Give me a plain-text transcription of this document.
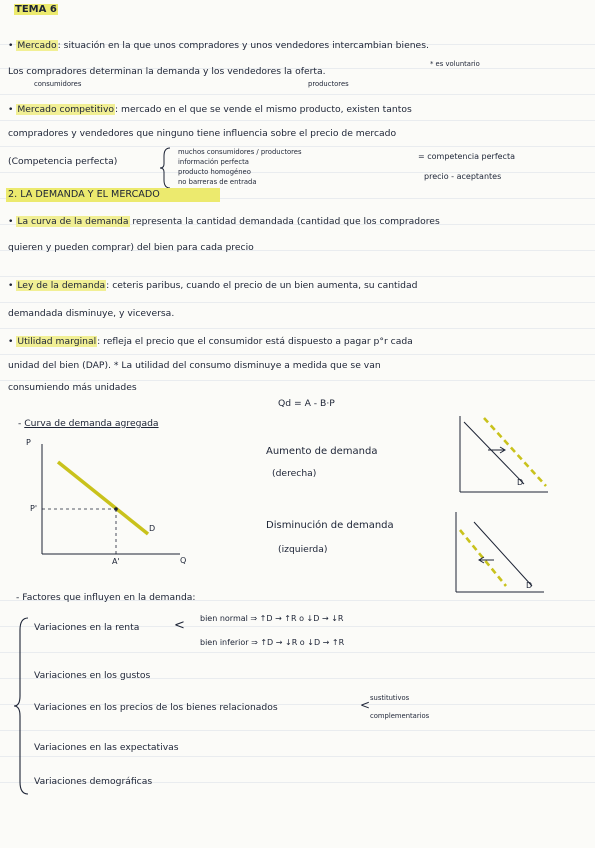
TEMA 6
• Mercado: situación en la que unos compradores y unos vendedores intercambian bienes.
Los compradores determinan la demanda y los vendedores la oferta.
* es voluntario
consumidores	productores
• Mercado competitivo: mercado en el que se vende el mismo producto, existen tantos
compradores y vendedores que ninguno tiene influencia sobre el precio de mercado
(Competencia perfecta)
muchos consumidores / productores
información perfecta
producto homogéneo
no barreras de entrada
= competencia perfecta
precio - aceptantes
2. LA DEMANDA Y EL MERCADO
• La curva de la demanda representa la cantidad demandada (cantidad que los compradores
quieren y pueden comprar) del bien para cada precio
• Ley de la demanda: ceteris paribus, cuando el precio de un bien aumenta, su cantidad
demandada disminuye, y viceversa.
• Utilidad marginal: refleja el precio que el consumidor está dispuesto a pagar p°r cada
unidad del bien (DAP). * La utilidad del consumo disminuye a medida que se van
consumiendo más unidades
- Curva de demanda agregada
Qd = A - B·P
P
P'
A'	Q
D
Aumento de demanda
(derecha)
D
Disminución de demanda
(izquierda)
D
- Factores que influyen en la demanda:
Variaciones en la renta	< bien normal ⇒ ↑D → ↑R o ↓D → ↓R
bien inferior ⇒ ↑D → ↓R o ↓D → ↑R
Variaciones en los gustos
Variaciones en los precios de los bienes relacionados	< sustitutivos
complementarios
Variaciones en las expectativas
Variaciones demográficas
